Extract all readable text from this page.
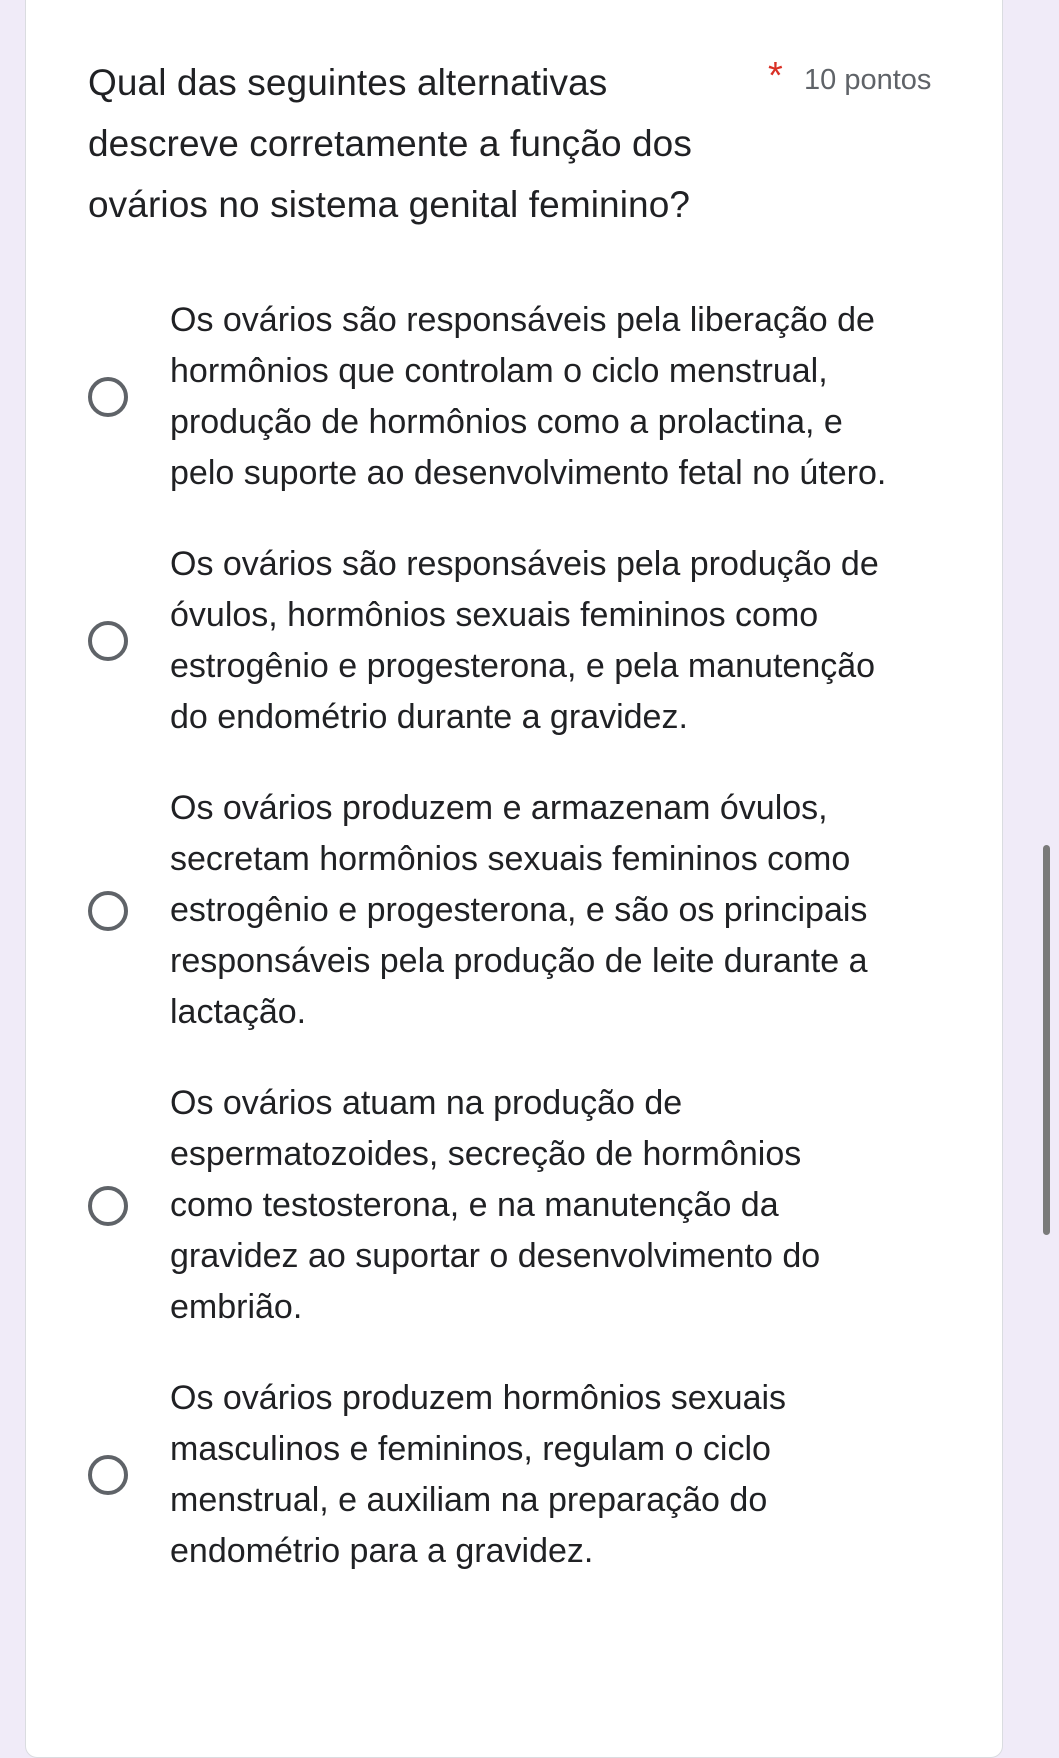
Qual das seguintes alternativas descreve corretamente a função dos ovários no sistema genital feminino?
* 10 pontos
Os ovários são responsáveis pela liberação de hormônios que controlam o ciclo menstrual, produção de hormônios como a prolactina, e pelo suporte ao desenvolvimento fetal no útero.
Os ovários são responsáveis pela produção de óvulos, hormônios sexuais femininos como estrogênio e progesterona, e pela manutenção do endométrio durante a gravidez.
Os ovários produzem e armazenam óvulos, secretam hormônios sexuais femininos como estrogênio e progesterona, e são os principais responsáveis pela produção de leite durante a lactação.
Os ovários atuam na produção de espermatozoides, secreção de hormônios como testosterona, e na manutenção da gravidez ao suportar o desenvolvimento do embrião.
Os ovários produzem hormônios sexuais masculinos e femininos, regulam o ciclo menstrual, e auxiliam na preparação do endométrio para a gravidez.
